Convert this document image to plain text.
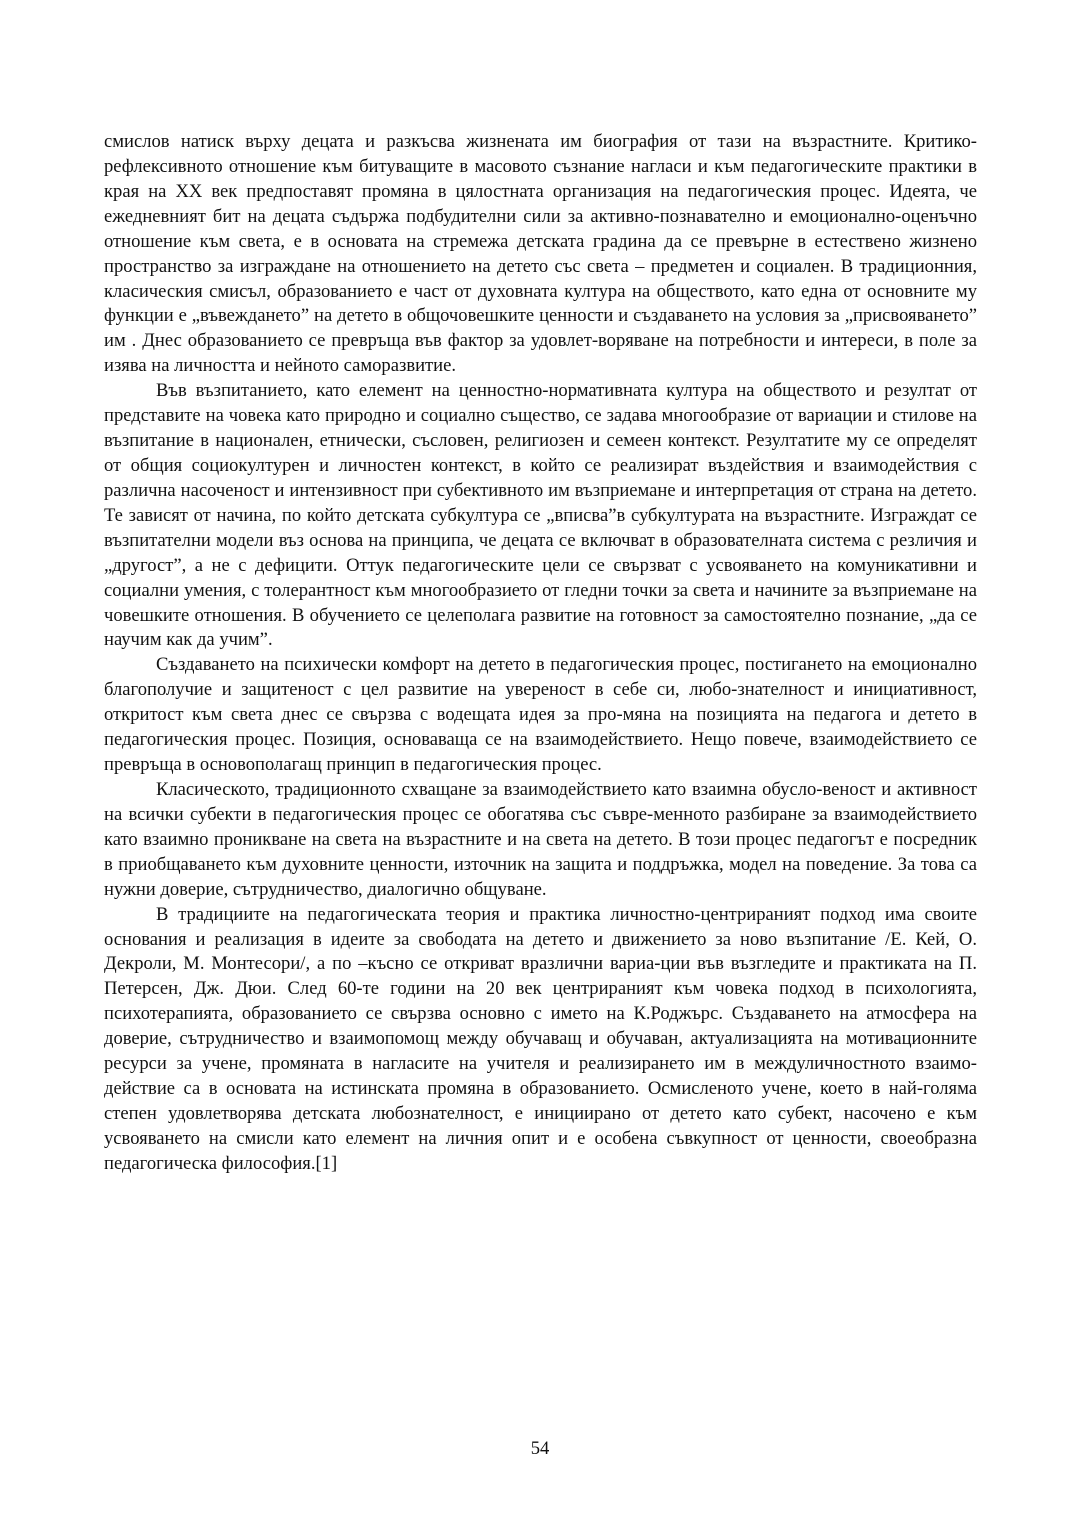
смислов натиск върху децата и разкъсва жизнената им биография от тази на възрастните. Критико-рефлексивното отношение към битуващите в масовото съзнание нагласи и към педагогическите практики в края на XX век предпоставят промяна в цялостната организация на педагогическия процес. Идеята, че ежедневният бит на децата съдържа подбудителни сили за активно-познавателно и емоционално-оценъчно отношение към света, е в основата на стремежа детската градина да се превърне в естествено жизнено пространство за изграждане на отношението на детето със света – предметен и социален. В традиционния, класическия смисъл, образованието е част от духовната култура на обществото, като една от основните му функции е „въвеждането” на детето в общочовешките ценности и създаването на условия за „присвояването” им . Днес образованието се превръща във фактор за удовлет-воряване на потребности и интереси, в поле за изява на личността и нейното саморазвитие.

Във възпитанието, като елемент на ценностно-нормативната култура на обществото и резултат от представите на човека като природно и социално същество, се задава многообразие от вариации и стилове на възпитание в национален, етнически, съсловен, религиозен и семеен контекст. Резултатите му се определят от общия социокултурен и личностен контекст, в който се реализират въздействия и взаимодействия с различна насоченост и интензивност при субективното им възприемане и интерпретация от страна на детето. Те зависят от начина, по който детската субкултура се „вписва”в субкултурата на възрастните. Изграждат се възпитателни модели въз основа на принципа, че децата се включват в образователната система с резличия и „другост”, а не с дефицити. Оттук педагогическите цели се свързват с усвояването на комуникативни и социални умения, с толерантност към многообразието от гледни точки за света и начините за възприемане на човешките отношения. В обучението се целеполага развитие на готовност за самостоятелно познание, „да се научим как да учим”.

Създаването на психически комфорт на детето в педагогическия процес, постигането на емоционално благополучие и защитеност с цел развитие на увереност в себе си, любо-знателност и инициативност, откритост към света днес се свързва с водещата идея за про-мяна на позицията на педагога и детето в педагогическия процес. Позиция, основаваща се на взаимодействието. Нещо повече, взаимодействието се превръща в основополагащ принцип в педагогическия процес.

Класическото, традиционното схващане за взаимодействието като взаимна обусло-веност и активност на всички субекти в педагогическия процес се обогатява със съвре-менното разбиране за взаимодействието като взаимно проникване на света на възрастните и на света на детето. В този процес педагогът е посредник в приобщаването към духовните ценности, източник на защита и поддръжка, модел на поведение. За това са нужни доверие, сътрудничество, диалогично общуване.

В традициите на педагогическата теория и практика личностно-центрираният подход има своите основания и реализация в идеите за свободата на детето и движението за ново възпитание /Е. Кей, О. Декроли, М. Монтесори/, а по –късно се откриват вразлични вариа-ции във възгледите и практиката на П. Петерсен, Дж. Дюи. След 60-те години на 20 век центрираният към човека подход в психологията, психотерапията, образованието се свързва основно с името на К.Роджърс. Създаването на атмосфера на доверие, сътрудничество и взаимопомощ между обучаващ и обучаван, актуализацията на мотивационните ресурси за учене, промяната в нагласите на учителя и реализирането им в междуличностното взаимо-действие са в основата на истинската промяна в образованието. Осмисленото учене, което в най-голяма степен удовлетворява детската любознателност, е инициирано от детето като субект, насочено е към усвояването на смисли като елемент на личния опит и е особена съвкупност от ценности, своеобразна педагогическа философия.[1]

54
